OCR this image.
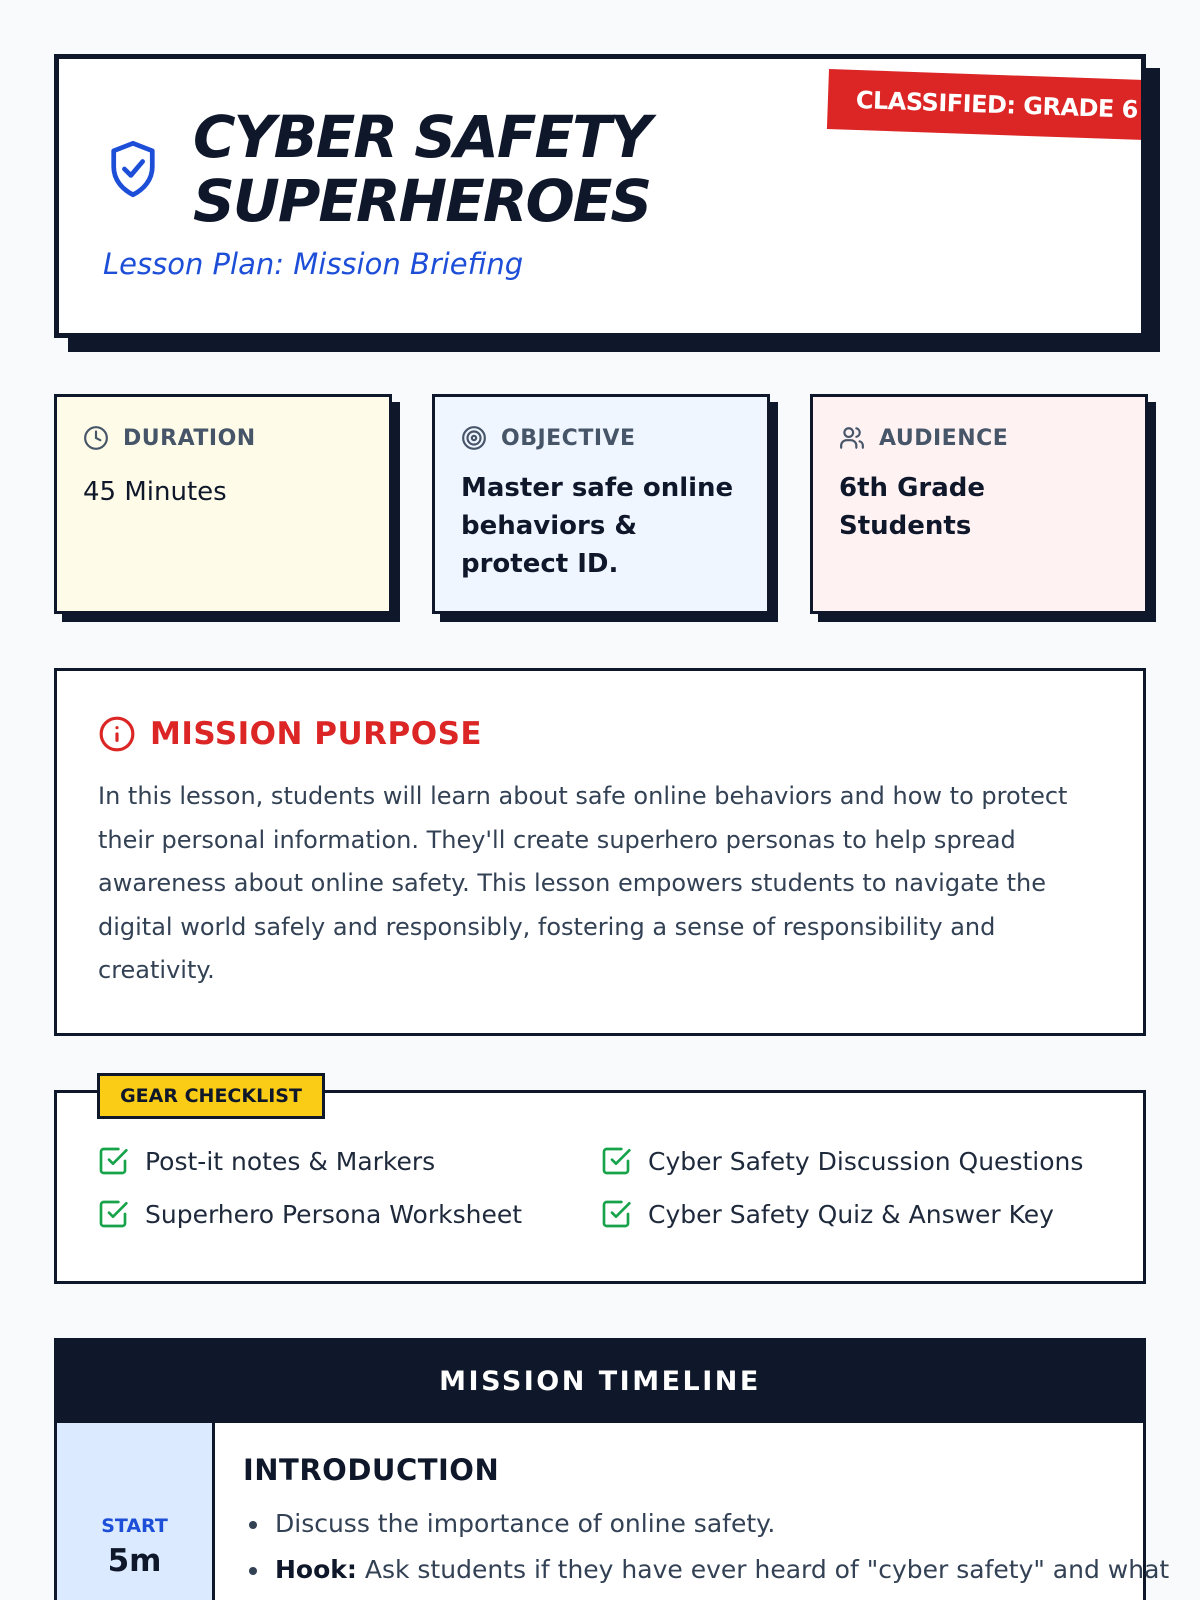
CLASSIFIED: GRADE 6
CYBER SAFETY
SUPERHEROES
Lesson Plan: Mission Briefing
DURATION
45 Minutes
OBJECTIVE
Master safe online behaviors & protect ID.
AUDIENCE
6th Grade Students
MISSION PURPOSE

In this lesson, students will learn about safe online behaviors and how to protect their personal information. They'll create superhero personas to help spread awareness about online safety. This lesson empowers students to navigate the digital world safely and responsibly, fostering a sense of responsibility and creativity.

GEAR CHECKLIST
Post-it notes & Markers	Cyber Safety Discussion Questions
Superhero Persona Worksheet	Cyber Safety Quiz & Answer Key
MISSION TIMELINE
START
5m
INTRODUCTION
Discuss the importance of online safety.
Hook: Ask students if they have ever heard of "cyber safety" and what
